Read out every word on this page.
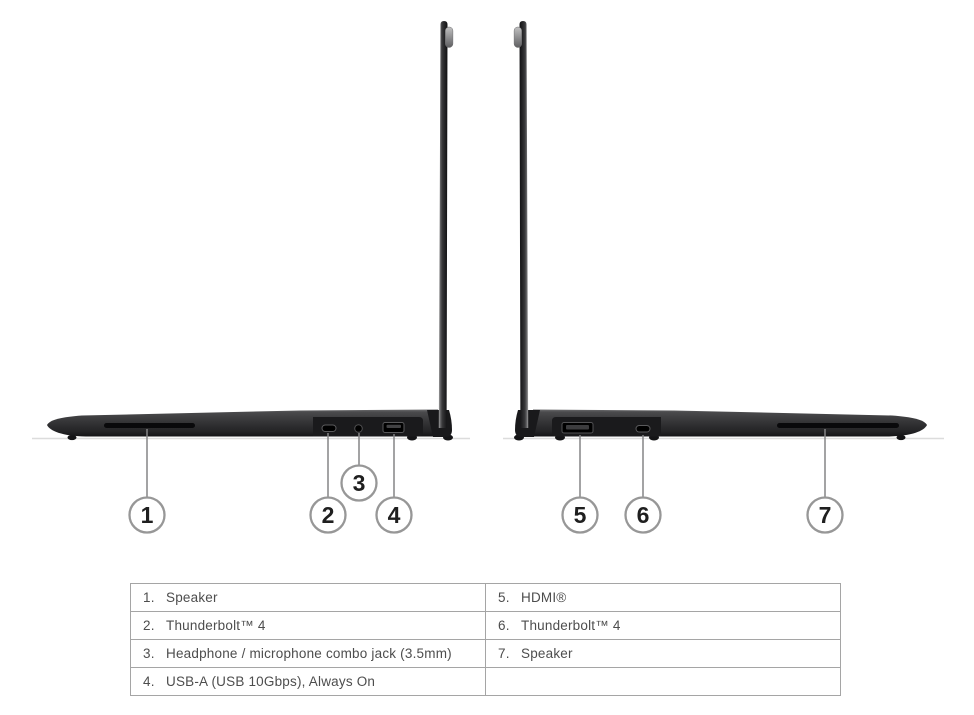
1	2
3
4	5 6	7
1. Speaker	5. HDMI®
2. Thunderbolt™ 4	6. Thunderbolt™ 4
3. Headphone / microphone combo jack (3.5mm)	7. Speaker
4. USB-A (USB 10Gbps), Always On	
